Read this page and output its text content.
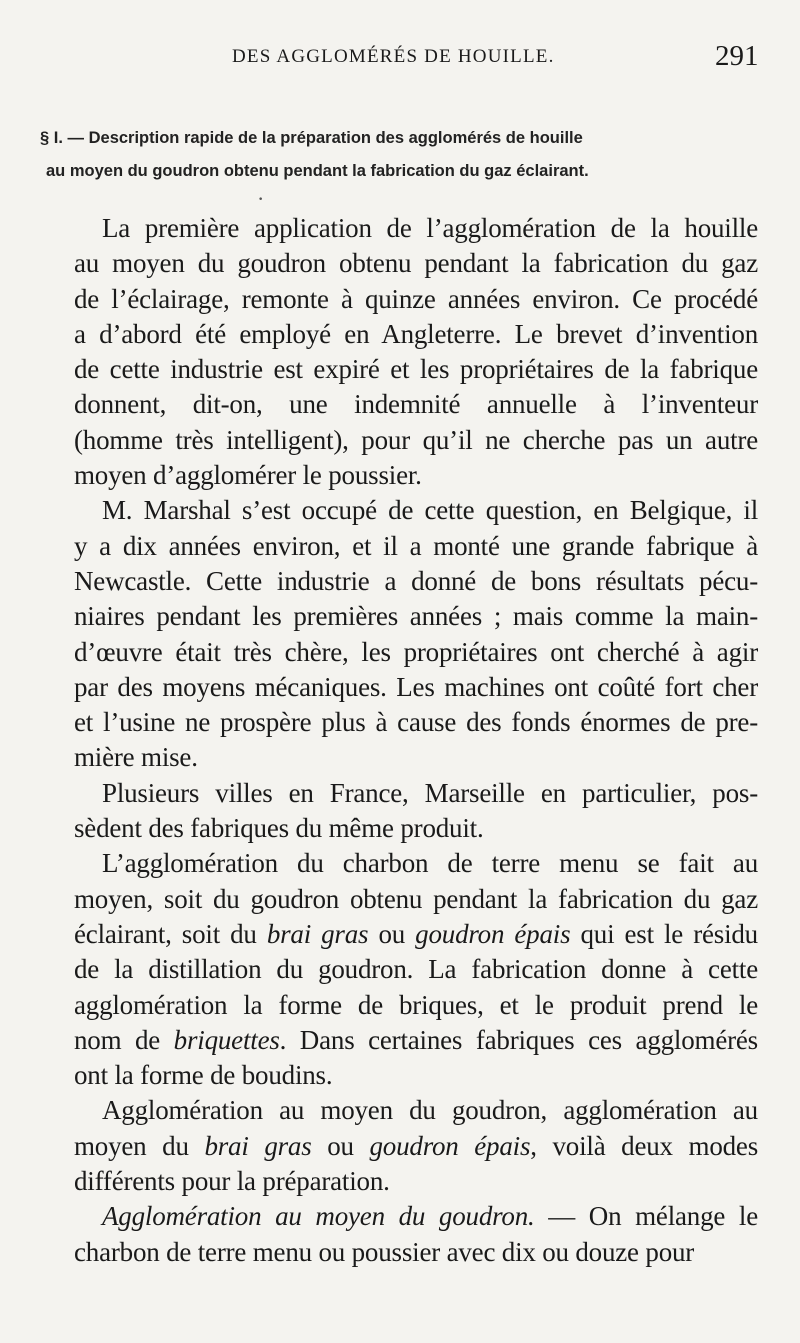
DES AGGLOMÉRÉS DE HOUILLE.	291
§ I. — Description rapide de la préparation des agglomérés de houille
au moyen du goudron obtenu pendant la fabrication du gaz éclairant.
·

La première application de l’agglomération de la houille
au moyen du goudron obtenu pendant la fabrication du gaz
de l’éclairage, remonte à quinze années environ. Ce procédé
a d’abord été employé en Angleterre. Le brevet d’invention
de cette industrie est expiré et les propriétaires de la fabrique
donnent, dit-on, une indemnité annuelle à l’inventeur
(homme très intelligent), pour qu’il ne cherche pas un autre
moyen d’agglomérer le poussier.

M. Marshal s’est occupé de cette question, en Belgique, il
y a dix années environ, et il a monté une grande fabrique à
Newcastle. Cette industrie a donné de bons résultats pécu-
niaires pendant les premières années ; mais comme la main-
d’œuvre était très chère, les propriétaires ont cherché à agir
par des moyens mécaniques. Les machines ont coûté fort cher
et l’usine ne prospère plus à cause des fonds énormes de pre-
mière mise.

Plusieurs villes en France, Marseille en particulier, pos-
sèdent des fabriques du même produit.

L’agglomération du charbon de terre menu se fait au
moyen, soit du goudron obtenu pendant la fabrication du gaz
éclairant, soit du brai gras ou goudron épais qui est le résidu
de la distillation du goudron. La fabrication donne à cette
agglomération la forme de briques, et le produit prend le
nom de briquettes. Dans certaines fabriques ces agglomérés
ont la forme de boudins.

Agglomération au moyen du goudron, agglomération au
moyen du brai gras ou goudron épais, voilà deux modes
différents pour la préparation.

Agglomération au moyen du goudron. — On mélange le
charbon de terre menu ou poussier avec dix ou douze pour
